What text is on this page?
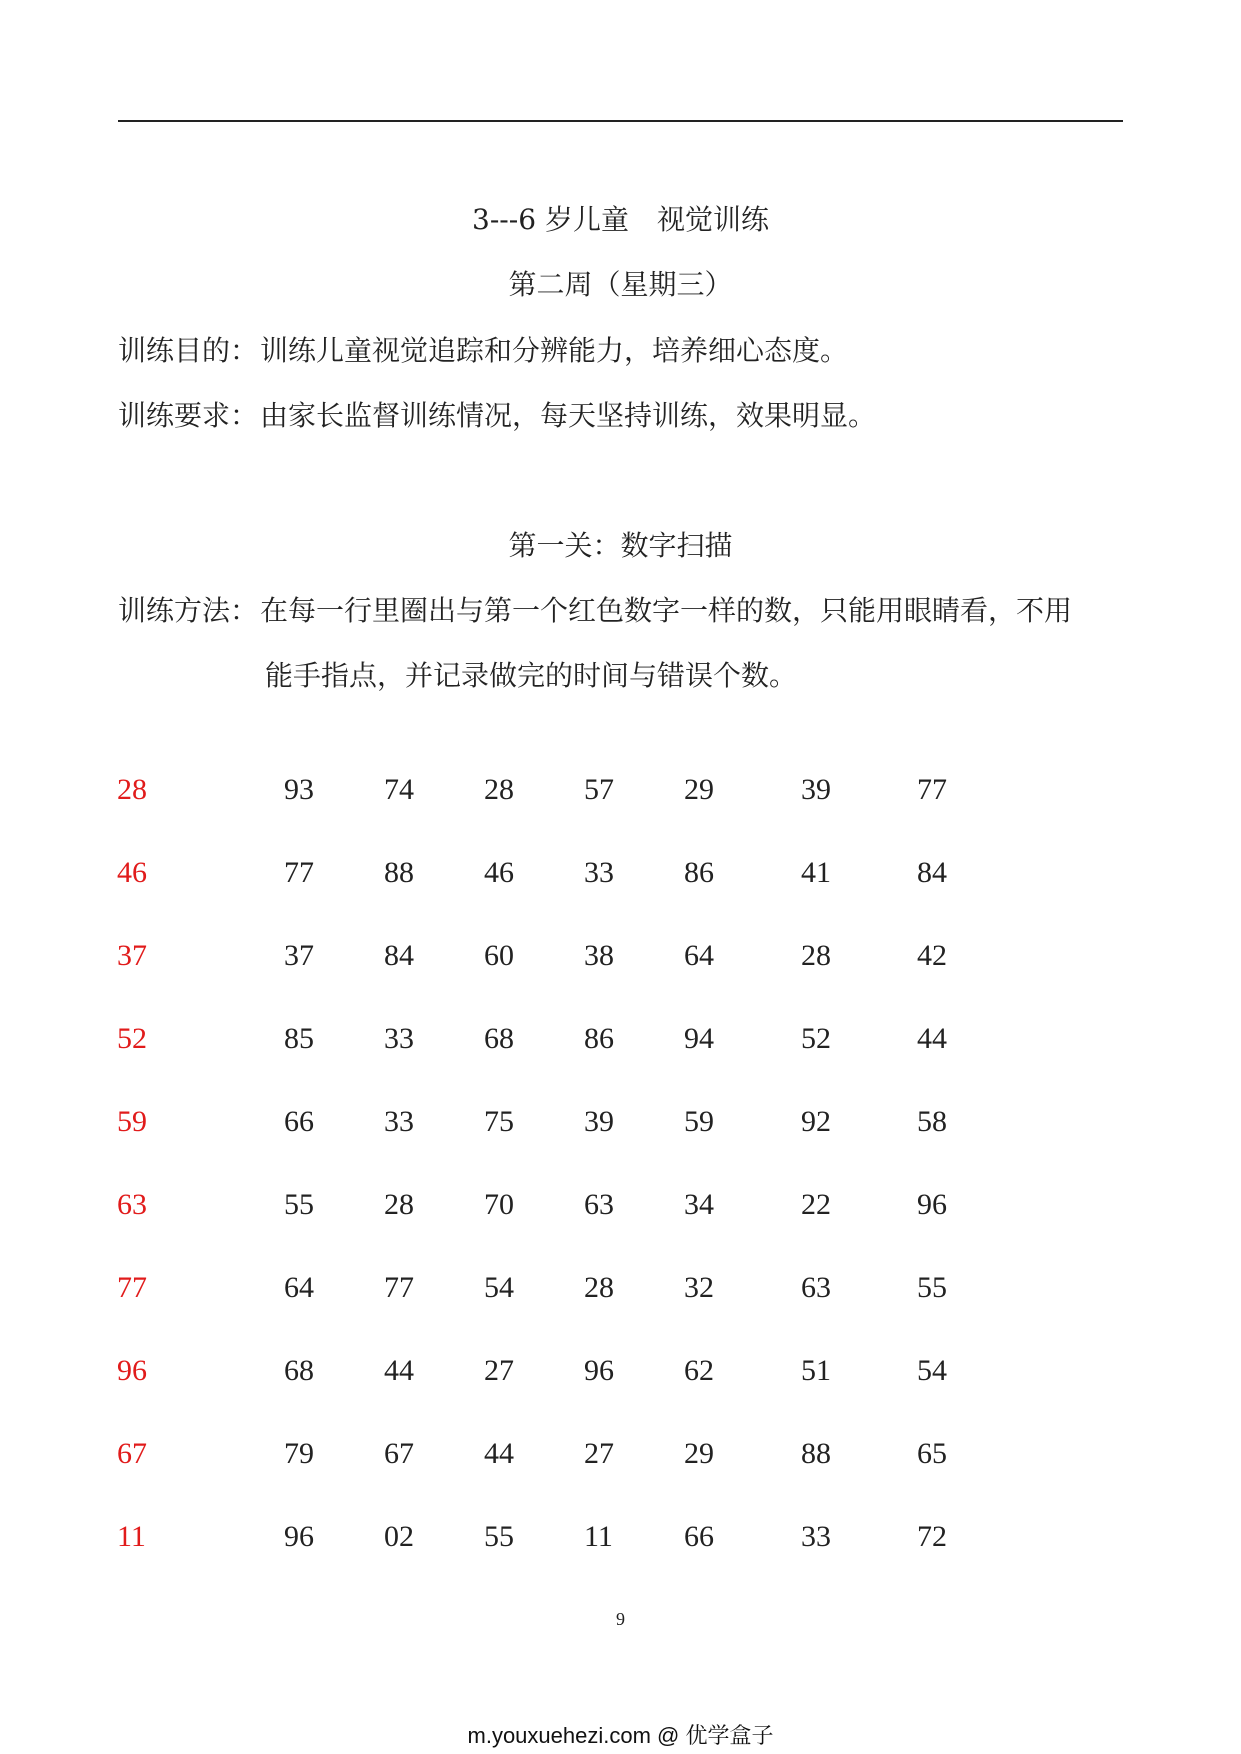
3---6 岁儿童　视觉训练
第二周（星期三）
训练目的：训练儿童视觉追踪和分辨能力，培养细心态度。
训练要求：由家长监督训练情况，每天坚持训练，效果明显。
第一关：数字扫描
训练方法：在每一行里圈出与第一个红色数字一样的数，只能用眼睛看，不用
能手指点，并记录做完的时间与错误个数。
28	93 74 28 57 29	39	77
46	77 88 46 33 86	41	84
37	37 84 60 38 64	28	42
52	85 33 68 86 94	52	44
59	66 33 75 39 59	92	58
63	55 28 70 63 34	22	96
77	64 77 54 28 32	63	55
96	68 44 27 96 62	51	54
67	79 67 44 27 29	88	65
11	96 02 55 11 66	33	72
9
m.youxuehezi.com @ 优学盒子
